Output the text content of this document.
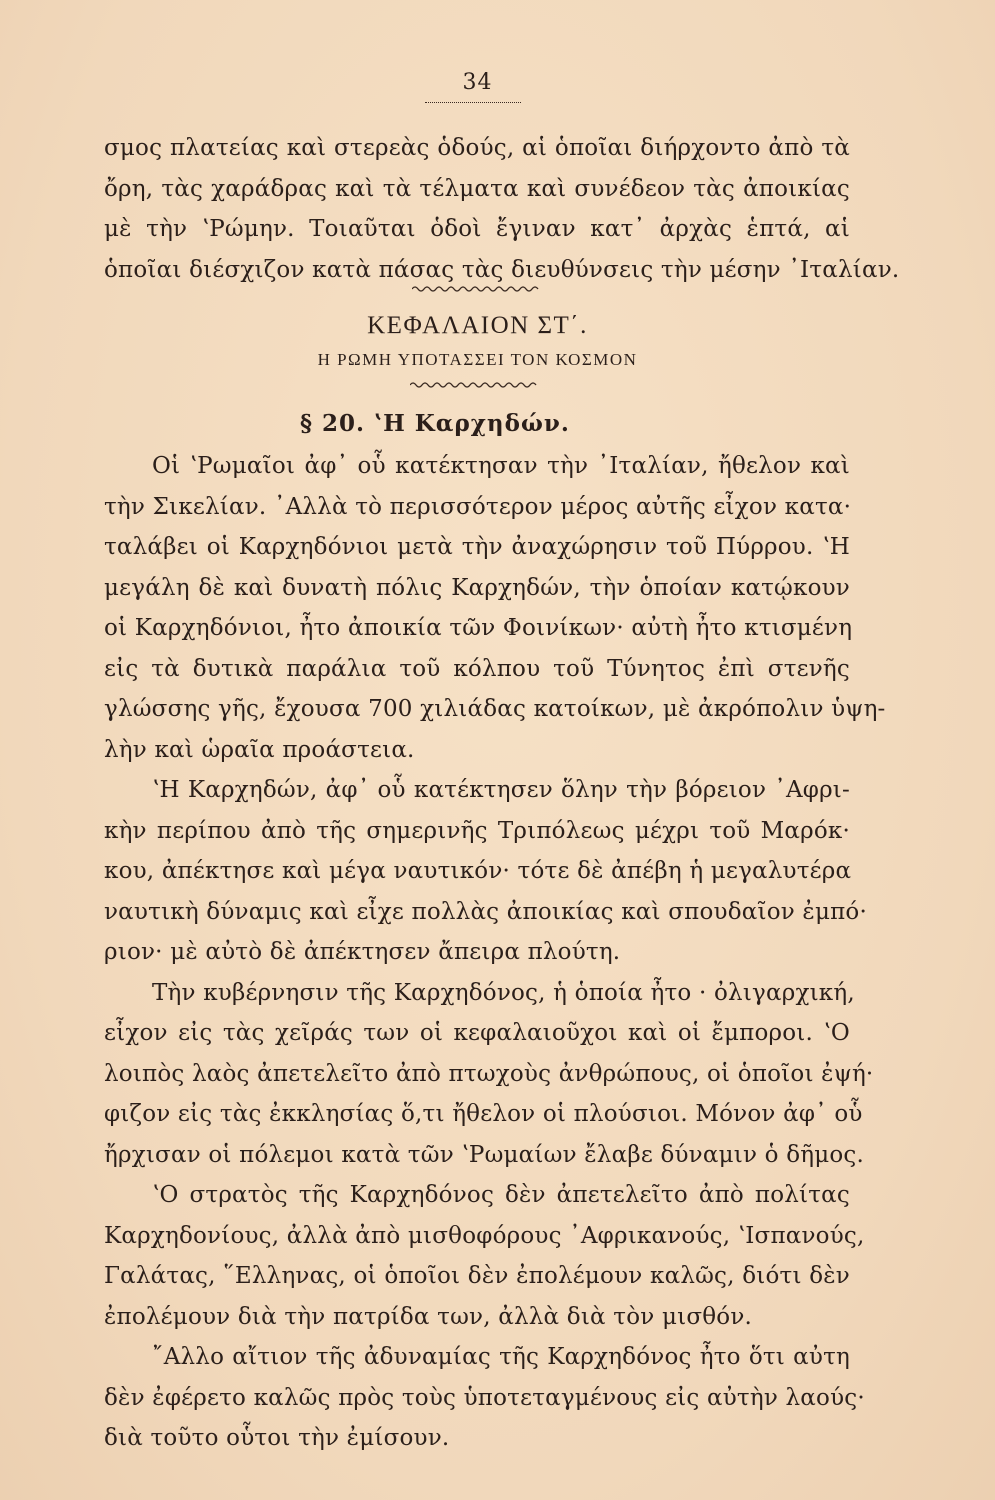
34
σμος πλατείας καὶ στερεὰς ὁδούς, αἱ ὁποῖαι διήρχοντο ἀπὸ τὰ
ὄρη, τὰς χαράδρας καὶ τὰ τέλματα καὶ συνέδεον τὰς ἀποικίας
μὲ τὴν ʽΡώμην. Τοιαῦται ὁδοὶ ἔγιναν κατ᾽ ἀρχὰς ἑπτά, αἱ
ὁποῖαι διέσχιζον κατὰ πάσας τὰς διευθύνσεις τὴν μέσην ᾿Ιταλίαν.
ΚΕΦΑΛΑΙΟΝ ΣΤ΄.
Η ΡΩΜΗ ΥΠΟΤΑΣΣΕΙ ΤΟΝ ΚΟΣΜΟΝ
§ 20. ʽΗ Καρχηδών.
Οἱ ʽΡωμαῖοι ἀφ᾽ οὗ κατέκτησαν τὴν ᾿Ιταλίαν, ἤθελον καὶ
τὴν Σικελίαν. ᾿Αλλὰ τὸ περισσότερον μέρος αὐτῆς εἶχον κατα·
ταλάβει οἱ Καρχηδόνιοι μετὰ τὴν ἀναχώρησιν τοῦ Πύρρου. ʽΗ
μεγάλη δὲ καὶ δυνατὴ πόλις Καρχηδών, τὴν ὁποίαν κατῴκουν
οἱ Καρχηδόνιοι, ἦτο ἀποικία τῶν Φοινίκων· αὐτὴ ἦτο κτισμένη
εἰς τὰ δυτικὰ παράλια τοῦ κόλπου τοῦ Τύνητος ἐπὶ στενῆς
γλώσσης γῆς, ἔχουσα 700 χιλιάδας κατοίκων, μὲ ἀκρόπολιν ὑψη-
λὴν καὶ ὡραῖα προάστεια.
ʽΗ Καρχηδών, ἀφ᾽ οὗ κατέκτησεν ὅλην τὴν βόρειον ᾿Αφρι-
κὴν περίπου ἀπὸ τῆς σημερινῆς Τριπόλεως μέχρι τοῦ Μαρόκ·
κου, ἀπέκτησε καὶ μέγα ναυτικόν· τότε δὲ ἀπέβη ἡ μεγαλυτέρα
ναυτικὴ δύναμις καὶ εἶχε πολλὰς ἀποικίας καὶ σπουδαῖον ἐμπό·
ριον· μὲ αὐτὸ δὲ ἀπέκτησεν ἄπειρα πλούτη.
Τὴν κυβέρνησιν τῆς Καρχηδόνος, ἡ ὁποία ἦτο · ὀλιγαρχική,
εἶχον εἰς τὰς χεῖράς των οἱ κεφαλαιοῦχοι καὶ οἱ ἔμποροι. ʽΟ
λοιπὸς λαὸς ἀπετελεῖτο ἀπὸ πτωχοὺς ἀνθρώπους, οἱ ὁποῖοι ἐψή·
φιζον εἰς τὰς ἐκκλησίας ὅ,τι ἤθελον οἱ πλούσιοι. Μόνον ἀφ᾽ οὗ
ἤρχισαν οἱ πόλεμοι κατὰ τῶν ʽΡωμαίων ἔλαβε δύναμιν ὁ δῆμος.
ʽΟ στρατὸς τῆς Καρχηδόνος δὲν ἀπετελεῖτο ἀπὸ πολίτας
Καρχηδονίους, ἀλλὰ ἀπὸ μισθοφόρους ᾿Αφρικανούς, ʽΙσπανούς,
Γαλάτας, ῞Ελληνας, οἱ ὁποῖοι δὲν ἐπολέμουν καλῶς, διότι δὲν
ἐπολέμουν διὰ τὴν πατρίδα των, ἀλλὰ διὰ τὸν μισθόν.
῎Αλλο αἴτιον τῆς ἀδυναμίας τῆς Καρχηδόνος ἦτο ὅτι αὐτη
δὲν ἐφέρετο καλῶς πρὸς τοὺς ὑποτεταγμένους εἰς αὐτὴν λαούς·
διὰ τοῦτο οὗτοι τὴν ἐμίσουν.
